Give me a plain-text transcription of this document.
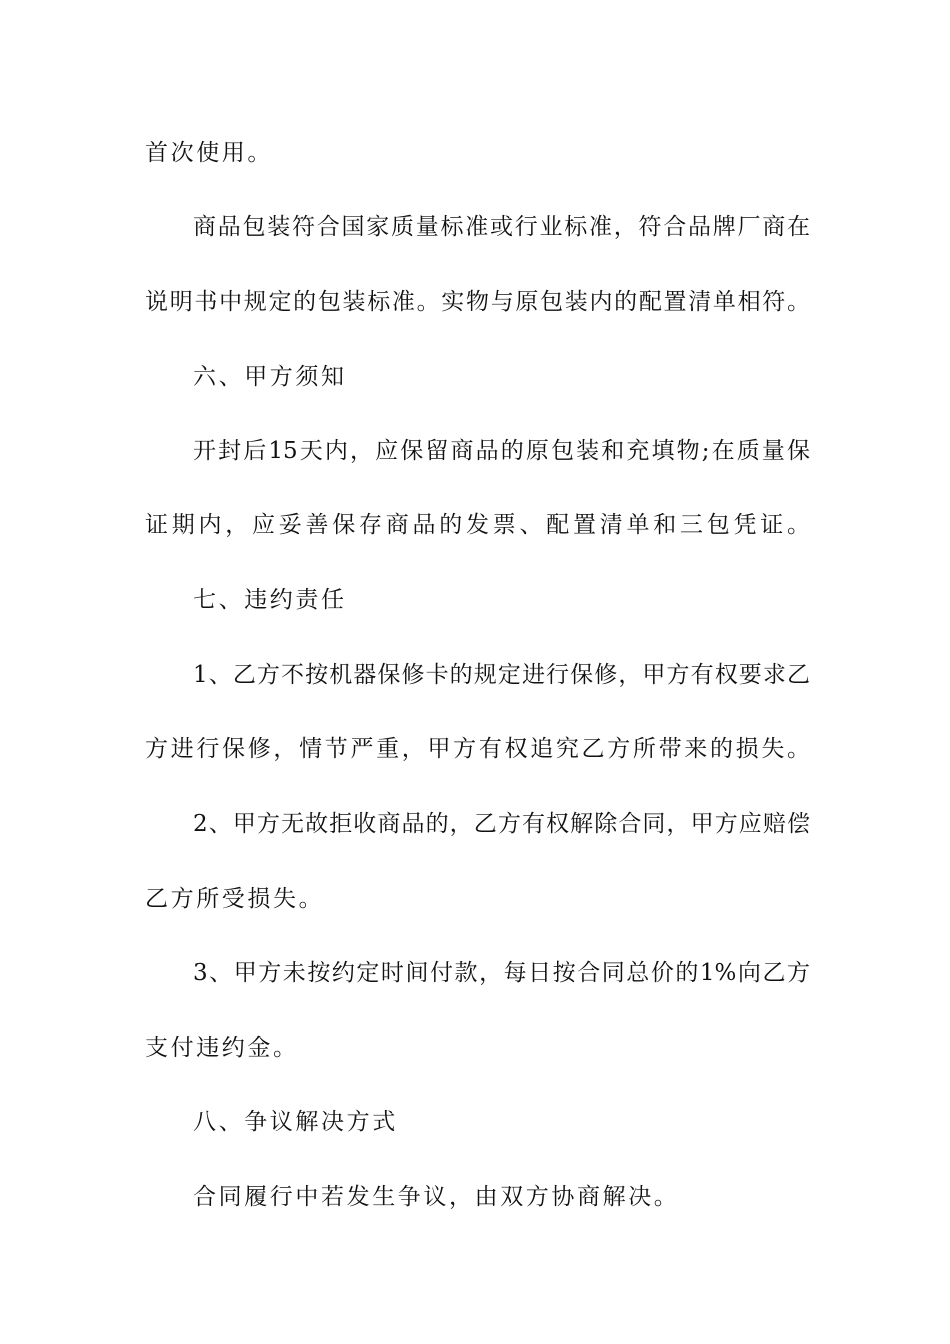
首次使用。
商品包装符合国家质量标准或行业标准，符合品牌厂商在
说明书中规定的包装标准。实物与原包装内的配置清单相符。
六、甲方须知
开封后15天内，应保留商品的原包装和充填物;在质量保
证期内，应妥善保存商品的发票、配置清单和三包凭证。
七、违约责任
1、乙方不按机器保修卡的规定进行保修，甲方有权要求乙
方进行保修，情节严重，甲方有权追究乙方所带来的损失。
2、甲方无故拒收商品的，乙方有权解除合同，甲方应赔偿
乙方所受损失。
3、甲方未按约定时间付款，每日按合同总价的1%向乙方
支付违约金。
八、争议解决方式
合同履行中若发生争议，由双方协商解决。
